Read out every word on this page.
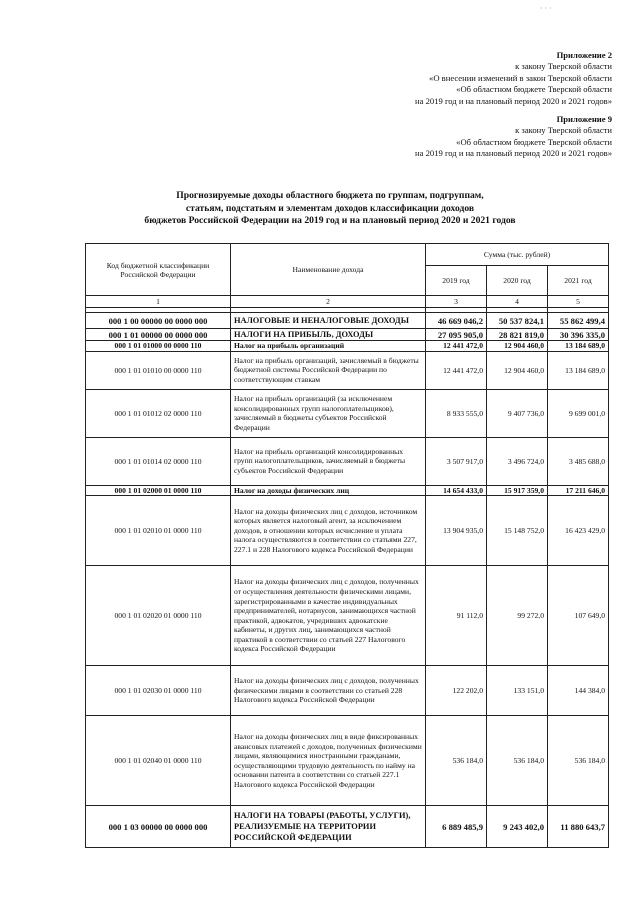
· · ·
Приложение 2
к закону Тверской области
«О внесении изменений в закон Тверской области
«Об областном бюджете Тверской области
на 2019 год и на плановый период 2020 и 2021 годов»
Приложение 9
к закону Тверской области
«Об областном бюджете Тверской области
на 2019 год и на плановый период 2020 и 2021 годов»
Прогнозируемые доходы областного бюджета по группам, подгруппам,
статьям, подстатьям и элементам доходов классификации доходов
бюджетов Российской Федерации на 2019 год и на плановый период 2020 и 2021 годов
Код бюджетной классификации Российской Федерации	Наименование дохода	Сумма (тыс. рублей)		
		2019 год	2020 год	2021 год
1	2	3	4	5

000 1 00 00000 00 0000 000	НАЛОГОВЫЕ И НЕНАЛОГОВЫЕ ДОХОДЫ	46 669 046,2	50 537 824,1	55 862 499,4
000 1 01 00000 00 0000 000	НАЛОГИ НА ПРИБЫЛЬ, ДОХОДЫ	27 095 905,0	28 821 819,0	30 396 335,0
000 1 01 01000 00 0000 110	Налог на прибыль организаций	12 441 472,0	12 904 460,0	13 184 689,0
000 1 01 01010 00 0000 110	Налог на прибыль организаций, зачисляемый в бюджеты бюджетной системы Российской Федерации по соответствующим ставкам	12 441 472,0	12 904 460,0	13 184 689,0
000 1 01 01012 02 0000 110	Налог на прибыль организаций (за исключением консолидированных групп налогоплательщиков), зачисляемый в бюджеты субъектов Российской Федерации	8 933 555,0	9 407 736,0	9 699 001,0
000 1 01 01014 02 0000 110	Налог на прибыль организаций консолидированных групп налогоплательщиков, зачисляемый в бюджеты субъектов Российской Федерации	3 507 917,0	3 496 724,0	3 485 688,0
000 1 01 02000 01 0000 110	Налог на доходы физических лиц	14 654 433,0	15 917 359,0	17 211 646,0
000 1 01 02010 01 0000 110	Налог на доходы физических лиц с доходов, источником которых является налоговый агент, за исключением доходов, в отношении которых исчисление и уплата налога осуществляются в соответствии со статьями 227, 227.1 и 228 Налогового кодекса Российской Федерации	13 904 935,0	15 148 752,0	16 423 429,0
000 1 01 02020 01 0000 110	Налог на доходы физических лиц с доходов, полученных от осуществления деятельности физическими лицами, зарегистрированными в качестве индивидуальных предпринимателей, нотариусов, занимающихся частной практикой, адвокатов, учредивших адвокатские кабинеты, и других лиц, занимающихся частной практикой в соответствии со статьей 227 Налогового кодекса Российской Федерации	91 112,0	99 272,0	107 649,0
000 1 01 02030 01 0000 110	Налог на доходы физических лиц с доходов, полученных физическими лицами в соответствии со статьей 228 Налогового кодекса Российской Федерации	122 202,0	133 151,0	144 384,0
000 1 01 02040 01 0000 110	Налог на доходы физических лиц в виде фиксированных авансовых платежей с доходов, полученных физическими лицами, являющимися иностранными гражданами, осуществляющими трудовую деятельность по найму на основании патента в соответствии со статьей 227.1 Налогового кодекса Российской Федерации	536 184,0	536 184,0	536 184,0
000 1 03 00000 00 0000 000	НАЛОГИ НА ТОВАРЫ (РАБОТЫ, УСЛУГИ), РЕАЛИЗУЕМЫЕ НА ТЕРРИТОРИИ РОССИЙСКОЙ ФЕДЕРАЦИИ	6 889 485,9	9 243 402,0	11 880 643,7
